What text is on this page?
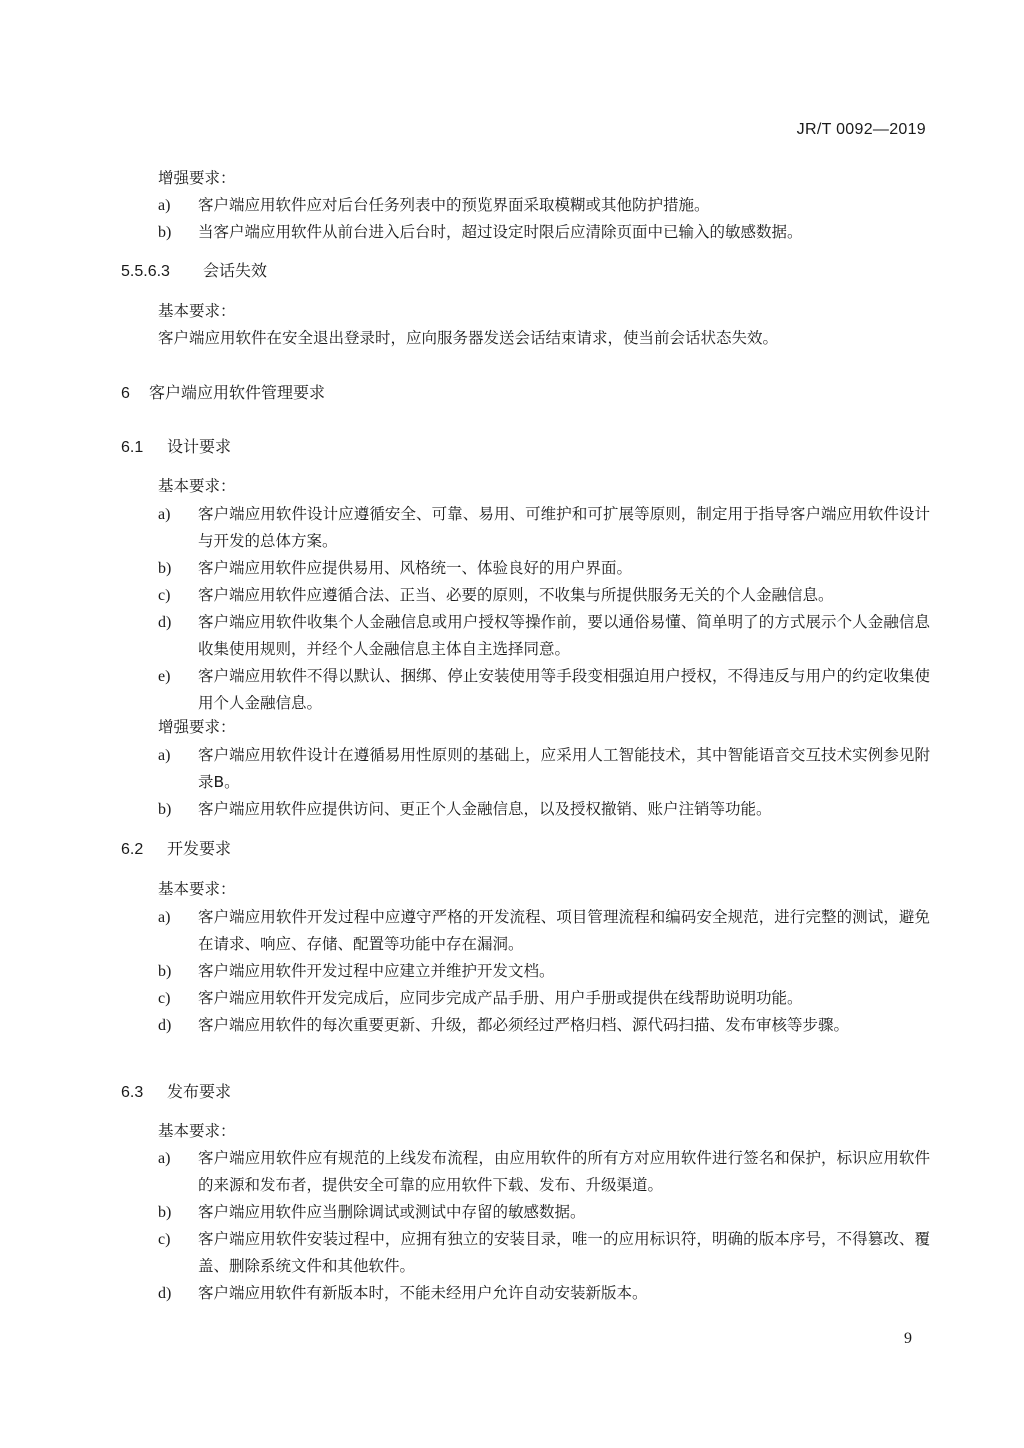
JR/T 0092—2019
增强要求：
a) 客户端应用软件应对后台任务列表中的预览界面采取模糊或其他防护措施。
b) 当客户端应用软件从前台进入后台时，超过设定时限后应清除页面中已输入的敏感数据。
5.5.6.3 会话失效
基本要求：
客户端应用软件在安全退出登录时，应向服务器发送会话结束请求，使当前会话状态失效。
6 客户端应用软件管理要求
6.1 设计要求
基本要求：
a) 客户端应用软件设计应遵循安全、可靠、易用、可维护和可扩展等原则，制定用于指导客户端应用软件设计与开发的总体方案。
b) 客户端应用软件应提供易用、风格统一、体验良好的用户界面。
c) 客户端应用软件应遵循合法、正当、必要的原则，不收集与所提供服务无关的个人金融信息。
d) 客户端应用软件收集个人金融信息或用户授权等操作前，要以通俗易懂、简单明了的方式展示个人金融信息收集使用规则，并经个人金融信息主体自主选择同意。
e) 客户端应用软件不得以默认、捆绑、停止安装使用等手段变相强迫用户授权，不得违反与用户的约定收集使用个人金融信息。
增强要求：
a) 客户端应用软件设计在遵循易用性原则的基础上，应采用人工智能技术，其中智能语音交互技术实例参见附录B。
b) 客户端应用软件应提供访问、更正个人金融信息，以及授权撤销、账户注销等功能。
6.2 开发要求
基本要求：
a) 客户端应用软件开发过程中应遵守严格的开发流程、项目管理流程和编码安全规范，进行完整的测试，避免在请求、响应、存储、配置等功能中存在漏洞。
b) 客户端应用软件开发过程中应建立并维护开发文档。
c) 客户端应用软件开发完成后，应同步完成产品手册、用户手册或提供在线帮助说明功能。
d) 客户端应用软件的每次重要更新、升级，都必须经过严格归档、源代码扫描、发布审核等步骤。
6.3 发布要求
基本要求：
a) 客户端应用软件应有规范的上线发布流程，由应用软件的所有方对应用软件进行签名和保护，标识应用软件的来源和发布者，提供安全可靠的应用软件下载、发布、升级渠道。
b) 客户端应用软件应当删除调试或测试中存留的敏感数据。
c) 客户端应用软件安装过程中，应拥有独立的安装目录，唯一的应用标识符，明确的版本序号，不得篡改、覆盖、删除系统文件和其他软件。
d) 客户端应用软件有新版本时，不能未经用户允许自动安装新版本。
9
